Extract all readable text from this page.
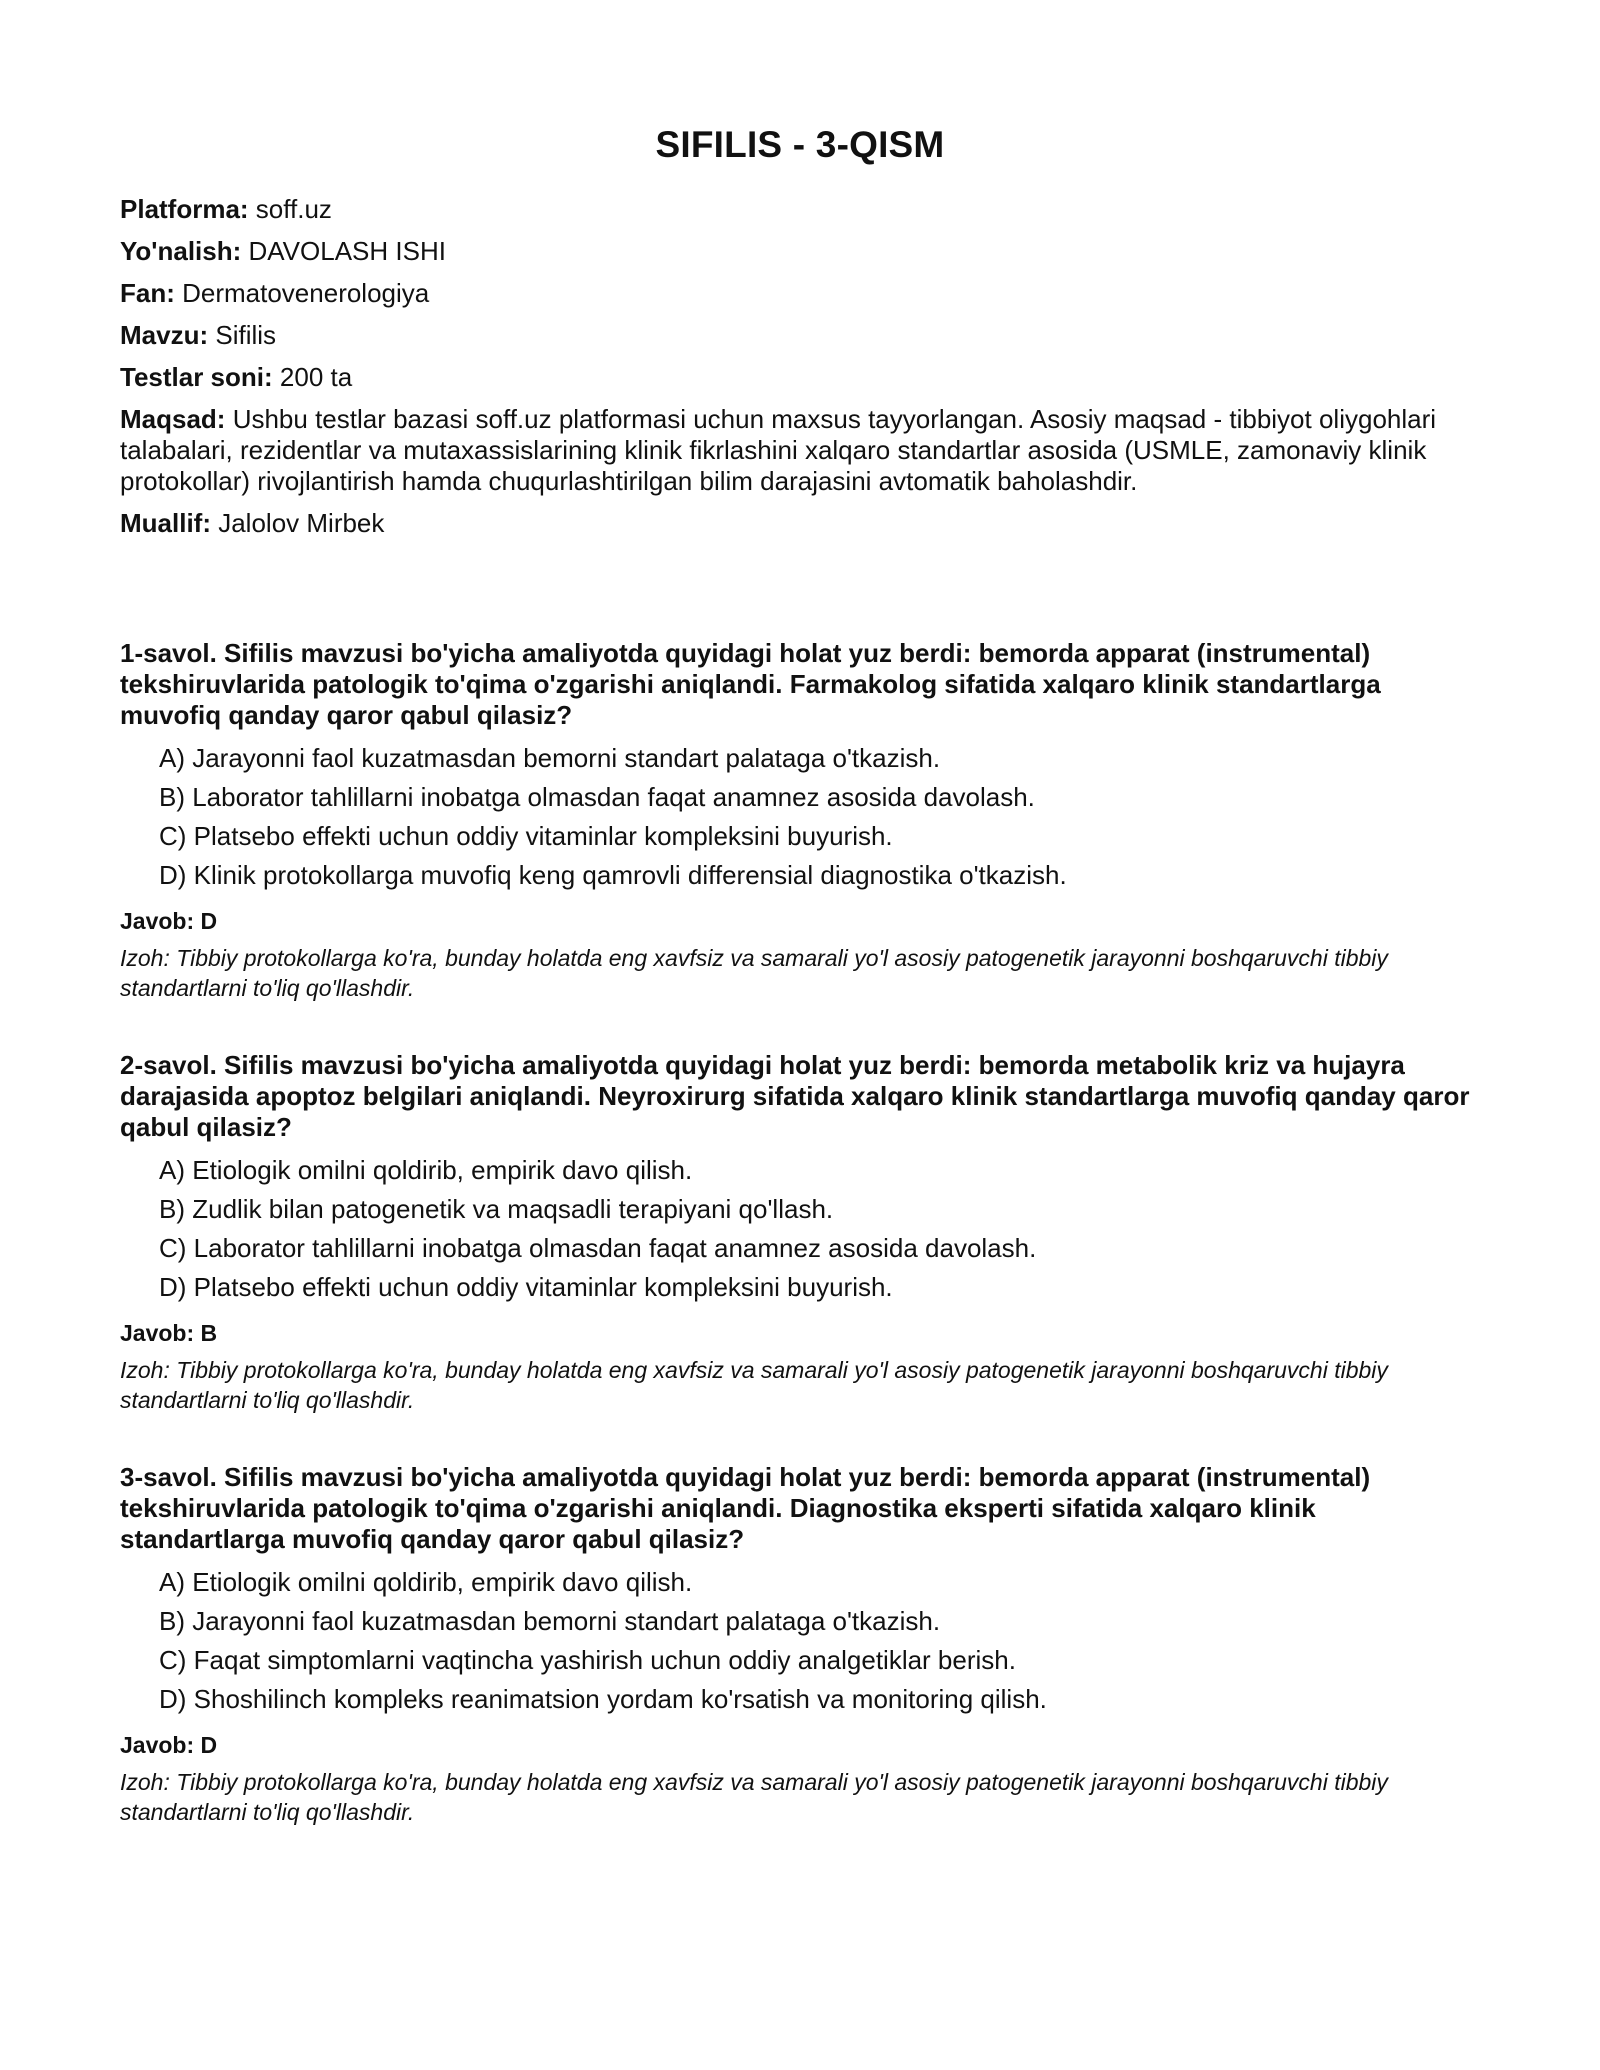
SIFILIS - 3-QISM

Platforma: soff.uz

Yo'nalish: DAVOLASH ISHI

Fan: Dermatovenerologiya

Mavzu: Sifilis

Testlar soni: 200 ta

Maqsad: Ushbu testlar bazasi soff.uz platformasi uchun maxsus tayyorlangan. Asosiy maqsad - tibbiyot oliygohlari talabalari, rezidentlar va mutaxassislarining klinik fikrlashini xalqaro standartlar asosida (USMLE, zamonaviy klinik protokollar) rivojlantirish hamda chuqurlashtirilgan bilim darajasini avtomatik baholashdir.

Muallif: Jalolov Mirbek

1-savol. Sifilis mavzusi bo'yicha amaliyotda quyidagi holat yuz berdi: bemorda apparat (instrumental) tekshiruvlarida patologik to'qima o'zgarishi aniqlandi. Farmakolog sifatida xalqaro klinik standartlarga muvofiq qanday qaror qabul qilasiz?

A) Jarayonni faol kuzatmasdan bemorni standart palataga o'tkazish.
B) Laborator tahlillarni inobatga olmasdan faqat anamnez asosida davolash.
C) Platsebo effekti uchun oddiy vitaminlar kompleksini buyurish.
D) Klinik protokollarga muvofiq keng qamrovli differensial diagnostika o'tkazish.

Javob: D

Izoh: Tibbiy protokollarga ko'ra, bunday holatda eng xavfsiz va samarali yo'l asosiy patogenetik jarayonni boshqaruvchi tibbiy standartlarni to'liq qo'llashdir.

2-savol. Sifilis mavzusi bo'yicha amaliyotda quyidagi holat yuz berdi: bemorda metabolik kriz va hujayra darajasida apoptoz belgilari aniqlandi. Neyroxirurg sifatida xalqaro klinik standartlarga muvofiq qanday qaror qabul qilasiz?

A) Etiologik omilni qoldirib, empirik davo qilish.
B) Zudlik bilan patogenetik va maqsadli terapiyani qo'llash.
C) Laborator tahlillarni inobatga olmasdan faqat anamnez asosida davolash.
D) Platsebo effekti uchun oddiy vitaminlar kompleksini buyurish.

Javob: B

Izoh: Tibbiy protokollarga ko'ra, bunday holatda eng xavfsiz va samarali yo'l asosiy patogenetik jarayonni boshqaruvchi tibbiy standartlarni to'liq qo'llashdir.

3-savol. Sifilis mavzusi bo'yicha amaliyotda quyidagi holat yuz berdi: bemorda apparat (instrumental) tekshiruvlarida patologik to'qima o'zgarishi aniqlandi. Diagnostika eksperti sifatida xalqaro klinik standartlarga muvofiq qanday qaror qabul qilasiz?

A) Etiologik omilni qoldirib, empirik davo qilish.
B) Jarayonni faol kuzatmasdan bemorni standart palataga o'tkazish.
C) Faqat simptomlarni vaqtincha yashirish uchun oddiy analgetiklar berish.
D) Shoshilinch kompleks reanimatsion yordam ko'rsatish va monitoring qilish.

Javob: D

Izoh: Tibbiy protokollarga ko'ra, bunday holatda eng xavfsiz va samarali yo'l asosiy patogenetik jarayonni boshqaruvchi tibbiy standartlarni to'liq qo'llashdir.
